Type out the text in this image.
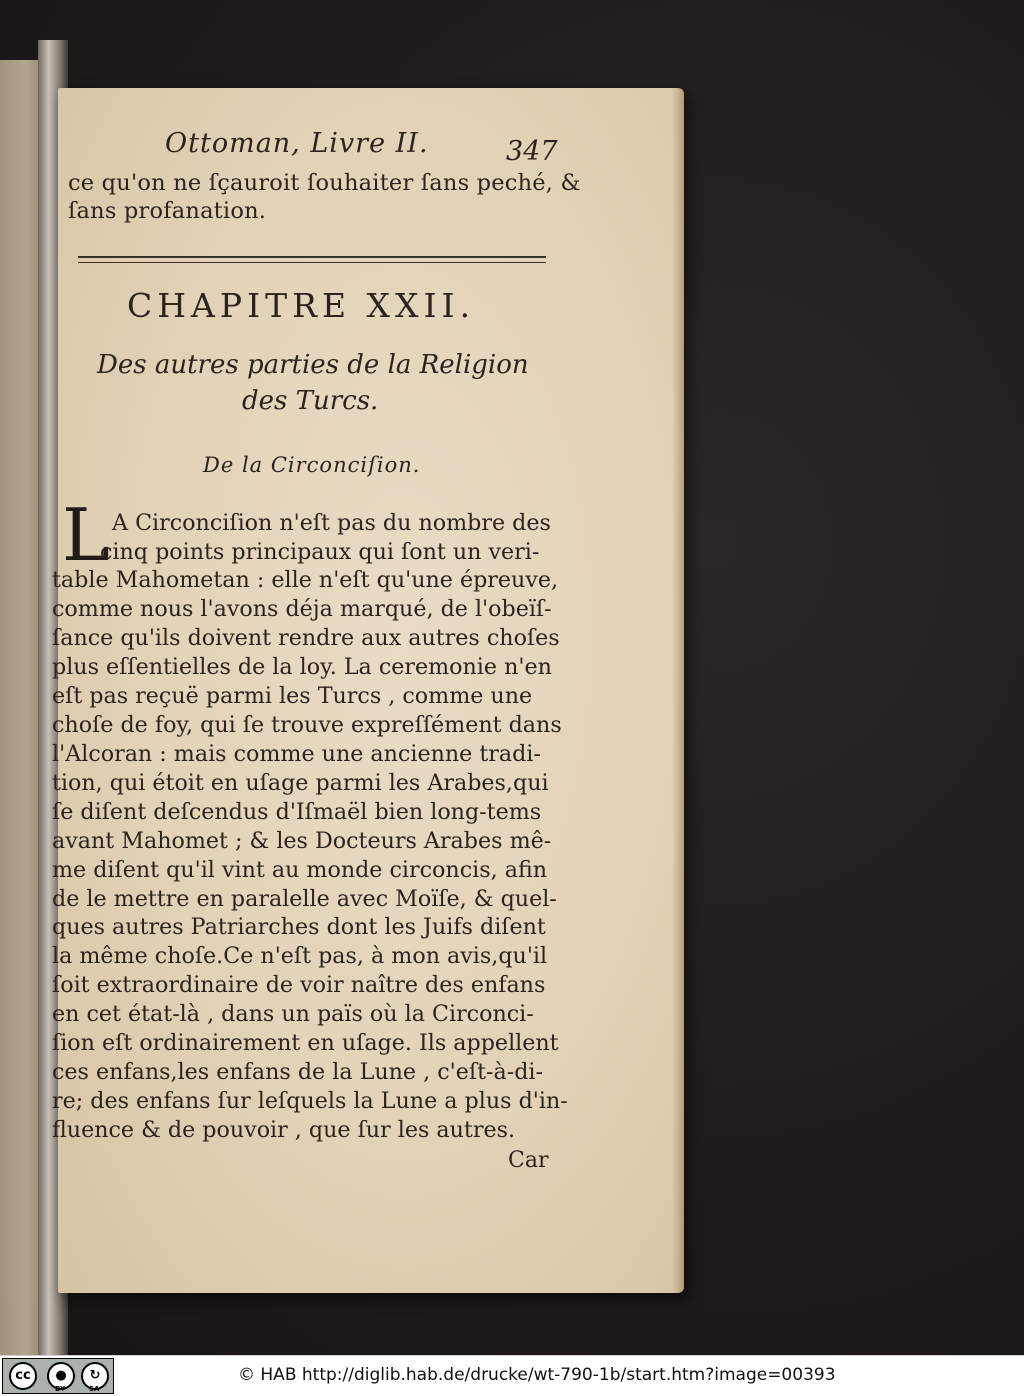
Ottoman, Livre II.	347
ce qu'on ne ſçauroit ſouhaiter ſans peché, &
ſans profanation.
CHAPITRE XXII.
Des autres parties de la Religion
des Turcs.
De la Circonciſion.
L A Circonciſion n'eſt pas du nombre des
cinq points principaux qui ſont un veri-
table Mahometan : elle n'eſt qu'une épreuve,
comme nous l'avons déja marqué, de l'obeïſ-
ſance qu'ils doivent rendre aux autres choſes
plus eſſentielles de la loy. La ceremonie n'en
eſt pas reçuë parmi les Turcs , comme une
choſe de foy, qui ſe trouve expreſſément dans
l'Alcoran : mais comme une ancienne tradi-
tion, qui étoit en uſage parmi les Arabes,qui
ſe diſent deſcendus d'Iſmaël bien long-tems
avant Mahomet ; & les Docteurs Arabes mê-
me diſent qu'il vint au monde circoncis, afin
de le mettre en paralelle avec Moïſe, & quel-
ques autres Patriarches dont les Juifs diſent
la même choſe.Ce n'eſt pas, à mon avis,qu'il
ſoit extraordinaire de voir naître des enfans
en cet état-là , dans un païs où la Circonci-
ſion eſt ordinairement en uſage. Ils appellent
ces enfans,les enfans de la Lune , c'eſt-à-di-
re; des enfans ſur leſquels la Lune a plus d'in-
fluence & de pouvoir , que ſur les autres.
Car
cc	●	↻
BY	SA
© HAB http://diglib.hab.de/drucke/wt-790-1b/start.htm?image=00393
